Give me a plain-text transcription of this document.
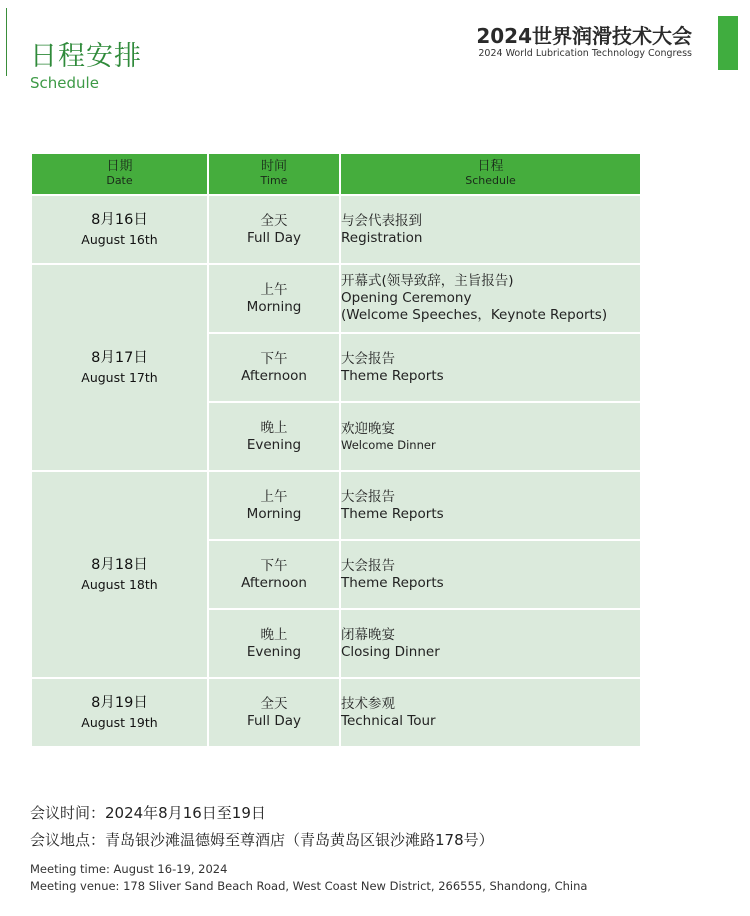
日程安排
Schedule
2024世界润滑技术大会
2024 World Lubrication Technology Congress
日期
Date	时间
Time	日程
Schedule

8月16日
August 16th	全天
Full Day	与会代表报到
Registration

8月17日
August 17th	上午
Morning	开幕式(领导致辞，主旨报告)
Opening Ceremony
(Welcome Speeches，Keynote Reports)

	下午
Afternoon	大会报告
Theme Reports

	晚上
Evening	欢迎晚宴
Welcome Dinner

8月18日
August 18th	上午
Morning	大会报告
Theme Reports

	下午
Afternoon	大会报告
Theme Reports

	晚上
Evening	闭幕晚宴
Closing Dinner

8月19日
August 19th	全天
Full Day	技术参观
Technical Tour
会议时间：2024年8月16日至19日
会议地点：青岛银沙滩温德姆至尊酒店（青岛黄岛区银沙滩路178号）
Meeting time: August 16-19, 2024
Meeting venue: 178 Sliver Sand Beach Road, West Coast New District, 266555, Shandong, China
